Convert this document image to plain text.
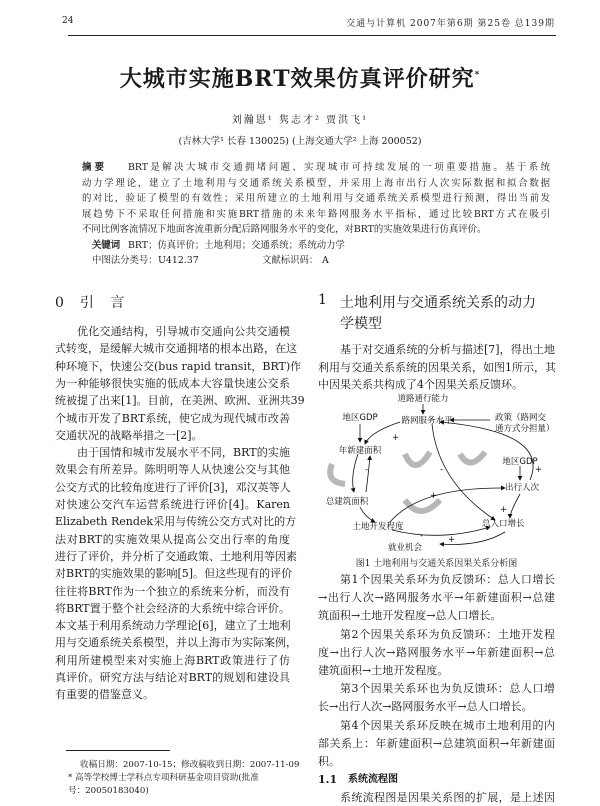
24	交通与计算机 2007年第6期 第25卷 总139期
大城市实施BRT效果仿真评价研究*
刘瀚恩¹ 隽志才² 贾洪飞¹
(吉林大学¹ 长春 130025) (上海交通大学² 上海 200052)
摘 要	BRT是解决大城市交通拥堵问题、实现城市可持续发展的一项重要措施。基于系统
动力学理论，建立了土地利用与交通系统关系模型，并采用上海市出行人次实际数据和拟合数据
的对比，验证了模型的有效性；采用所建立的土地利用与交通系统关系模型进行预测，得出当前发
展趋势下不采取任何措施和实施BRT措施的未来年路网服务水平指标，通过比较BRT方式在吸引
不同比例客流情况下地面客流重新分配后路网服务水平的变化，对BRT的实施效果进行仿真评价。
关键词 BRT；仿真评价；土地利用；交通系统；系统动力学
中图法分类号： U412.37	文献标识码： A
0 引 言
优化交通结构，引导城市交通向公共交通模
式转变，是缓解大城市交通拥堵的根本出路，在这
种环境下，快速公交(bus rapid transit，BRT)作
为一种能够很快实施的低成本大容量快速公交系
统被提了出来[1]。目前，在美洲、欧洲、亚洲共39
个城市开发了BRT系统，使它成为现代城市改善
交通状况的战略举措之一[2]。
由于国情和城市发展水平不同，BRT的实施
效果会有所差异。陈明明等人从快速公交与其他
公交方式的比较角度进行了评价[3]，邓汉英等人
对快速公交汽车运营系统进行评价[4]。Karen
Elizabeth Rendek采用与传统公交方式对比的方
法对BRT的实施效果从提高公交出行率的角度
进行了评价，并分析了交通政策、土地利用等因素
对BRT的实施效果的影响[5]。但这些现有的评价
往往将BRT作为一个独立的系统来分析，而没有
将BRT置于整个社会经济的大系统中综合评价。
本文基于利用系统动力学理论[6]，建立了土地利
用与交通系统关系模型，并以上海市为实际案例，
利用所建模型来对实施上海BRT政策进行了仿
真评价。研究方法与结论对BRT的规划和建设具
有重要的借鉴意义。
收稿日期：2007-10-15；修改稿收到日期：2007-11-09
* 高等学校博士学科点专项科研基金项目资助(批准
号：20050183040)
1 土地利用与交通系统关系的动力
学模型
基于对交通系统的分析与描述[7]，得出土地
利用与交通关系系统的因果关系，如图1所示，其
中因果关系共构成了4个因果关系反馈环。
第1个因果关系环为负反馈环：总人口增长
→出行人次→路网服务水平→年新建面积→总建
筑面积→土地开发程度→总人口增长。
第2个因果关系环为负反馈环：土地开发程
度→出行人次→路网服务水平→年新建面积→总
建筑面积→土地开发程度。
第3个因果关系环也为负反馈环：总人口增
长→出行人次→路网服务水平→总人口增长。
第4个因果关系环反映在城市土地利用的内
部关系上：年新建面积→总建筑面积→年新建面
积。
1.1 系统流程图
系统流程图是因果关系图的扩展，是上述因
道路通行能力
路网服务水平	政策（路网交
通方式分担量）
地区GDP
年新建面积
地区GDP
出行人次
总建筑面积
土地开发程度	总人口增长
就业机会
+
-	-
+
-
+
+
+
图1 土地利用与交通关系因果关系分析图
